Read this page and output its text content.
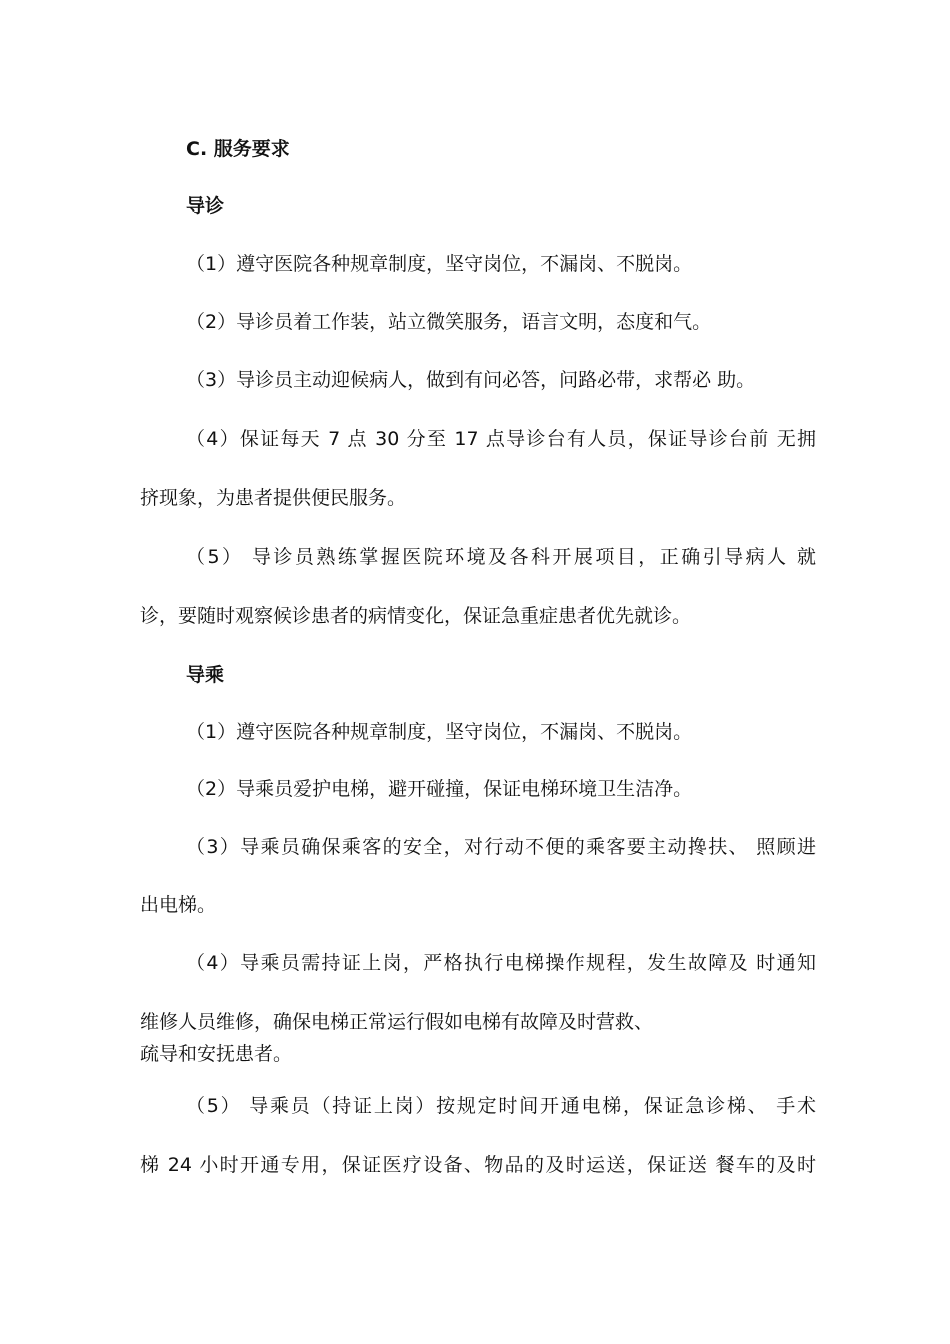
C. 服务要求

导诊

（1）遵守医院各种规章制度，坚守岗位，不漏岗、不脱岗。

（2）导诊员着工作装，站立微笑服务，语言文明，态度和气。

（3）导诊员主动迎候病人，做到有问必答，问路必带，求帮必 助。

（4）保证每天 7 点 30 分至 17 点导诊台有人员，保证导诊台前 无拥

挤现象，为患者提供便民服务。

（5） 导诊员熟练掌握医院环境及各科开展项目，正确引导病人 就

诊，要随时观察候诊患者的病情变化，保证急重症患者优先就诊。

导乘

（1）遵守医院各种规章制度，坚守岗位，不漏岗、不脱岗。

（2）导乘员爱护电梯，避开碰撞，保证电梯环境卫生洁净。

（3）导乘员确保乘客的安全，对行动不便的乘客要主动搀扶、 照顾进

出电梯。

（4）导乘员需持证上岗，严格执行电梯操作规程，发生故障及 时通知

维修人员维修，确保电梯正常运行假如电梯有故障及时营救、

疏导和安抚患者。

（5） 导乘员（持证上岗）按规定时间开通电梯，保证急诊梯、 手术

梯 24 小时开通专用，保证医疗设备、物品的及时运送，保证送 餐车的及时
